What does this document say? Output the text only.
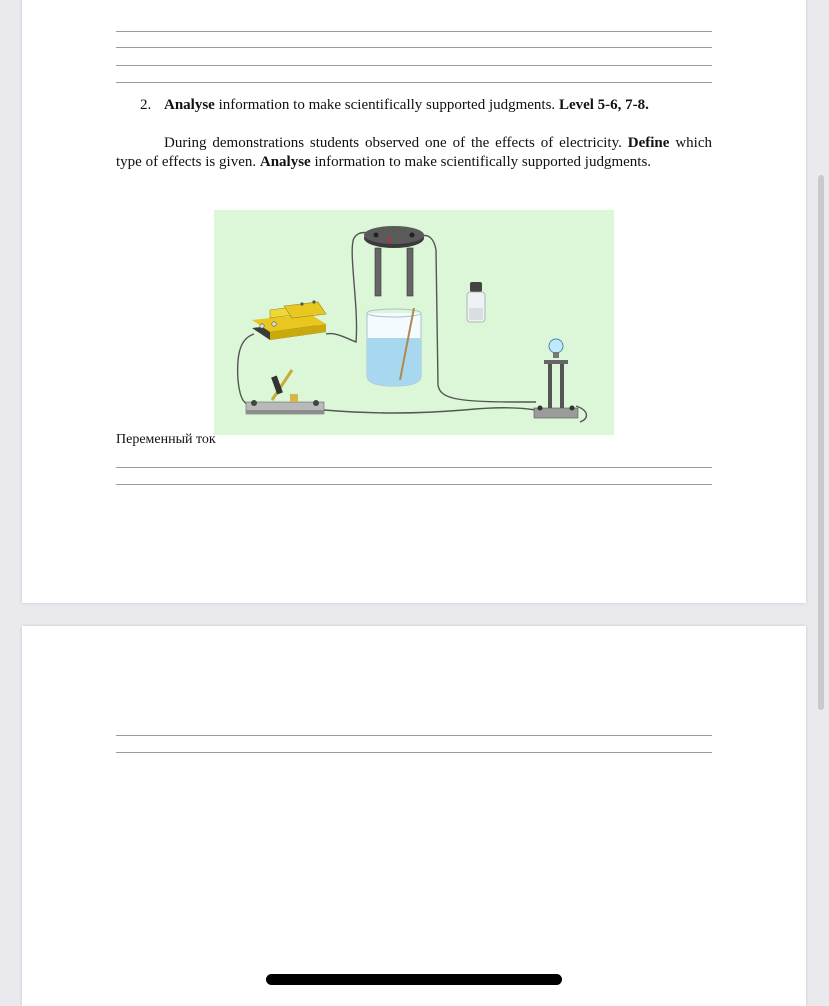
2. Analyse information to make scientifically supported judgments. Level 5-6, 7-8.
During demonstrations students observed one of the effects of electricity. Define which type of effects is given. Analyse information to make scientifically supported judgments.
Переменный ток
